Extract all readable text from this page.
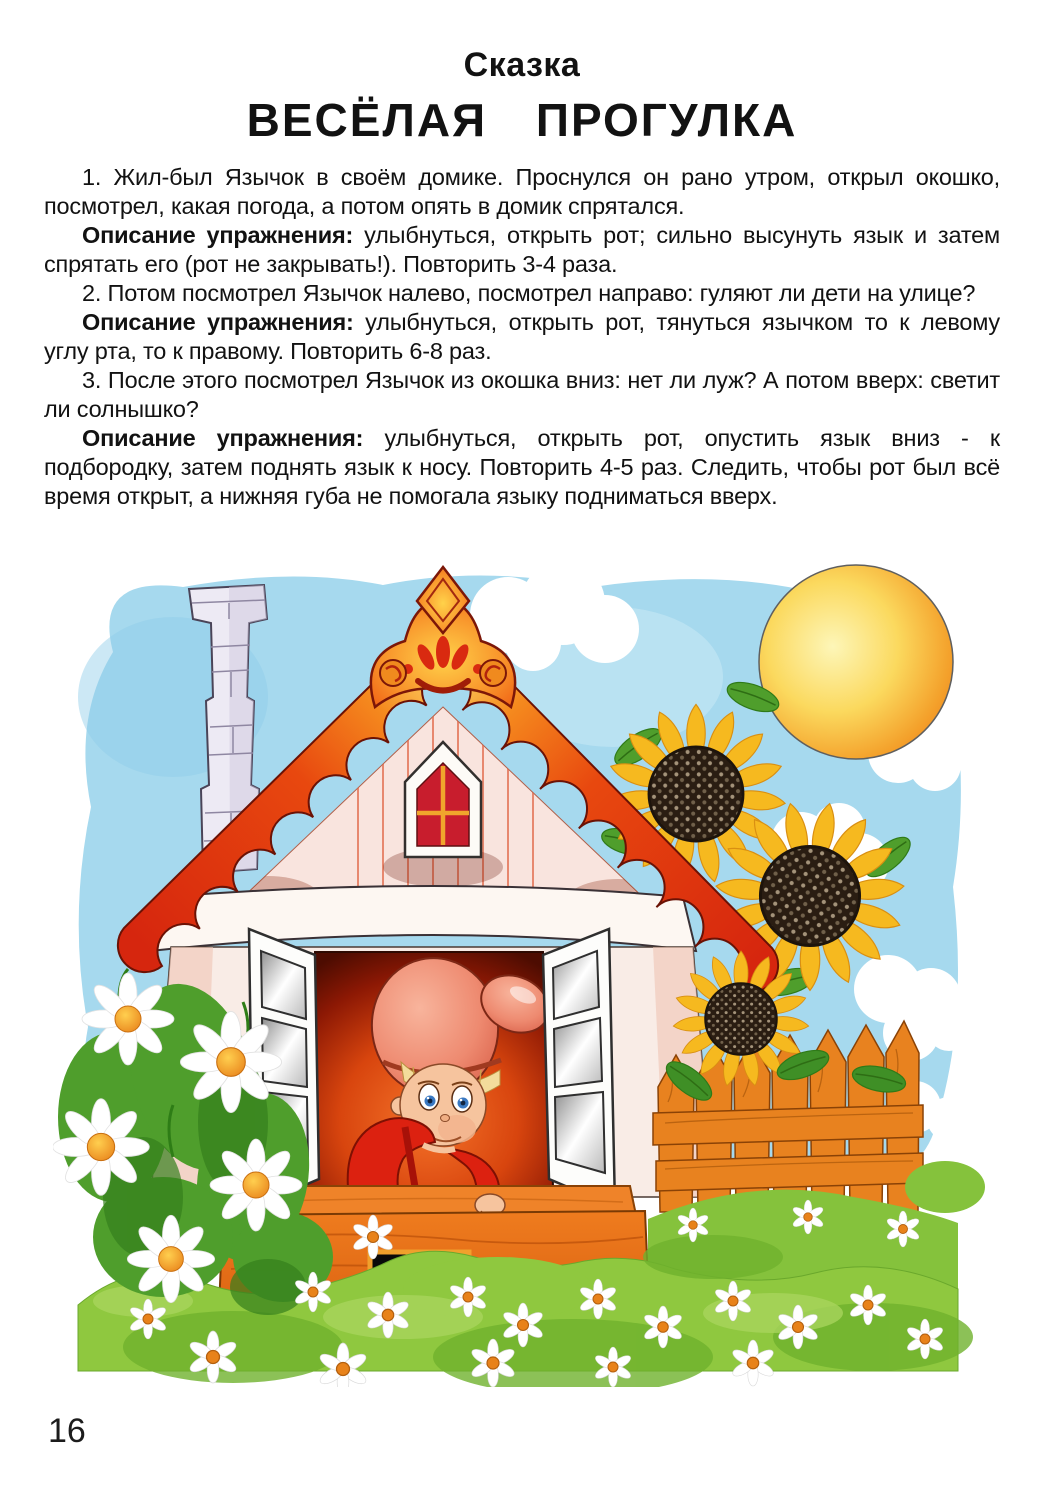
Сказка
ВЕСЁЛАЯ ПРОГУЛКА

1. Жил-был Язычок в своём домике. Проснулся он рано утром, открыл окошко, посмотрел, какая погода, а потом опять в домик спрятался.

Описание упражнения: улыбнуться, открыть рот; сильно высунуть язык и затем спрятать его (рот не закрывать!). Повторить 3-4 раза.

2. Потом посмотрел Язычок налево, посмотрел направо: гуляют ли дети на улице?

Описание упражнения: улыбнуться, открыть рот, тянуться язычком то к левому углу рта, то к правому. Повторить 6-8 раз.

3. После этого посмотрел Язычок из окошка вниз: нет ли луж? А потом вверх: светит ли солнышко?

Описание упражнения: улыбнуться, открыть рот, опустить язык вниз - к подбородку, затем поднять язык к носу. Повторить 4-5 раз. Следить, чтобы рот был всё время открыт, а нижняя губа не помогала языку подниматься вверх.

16
